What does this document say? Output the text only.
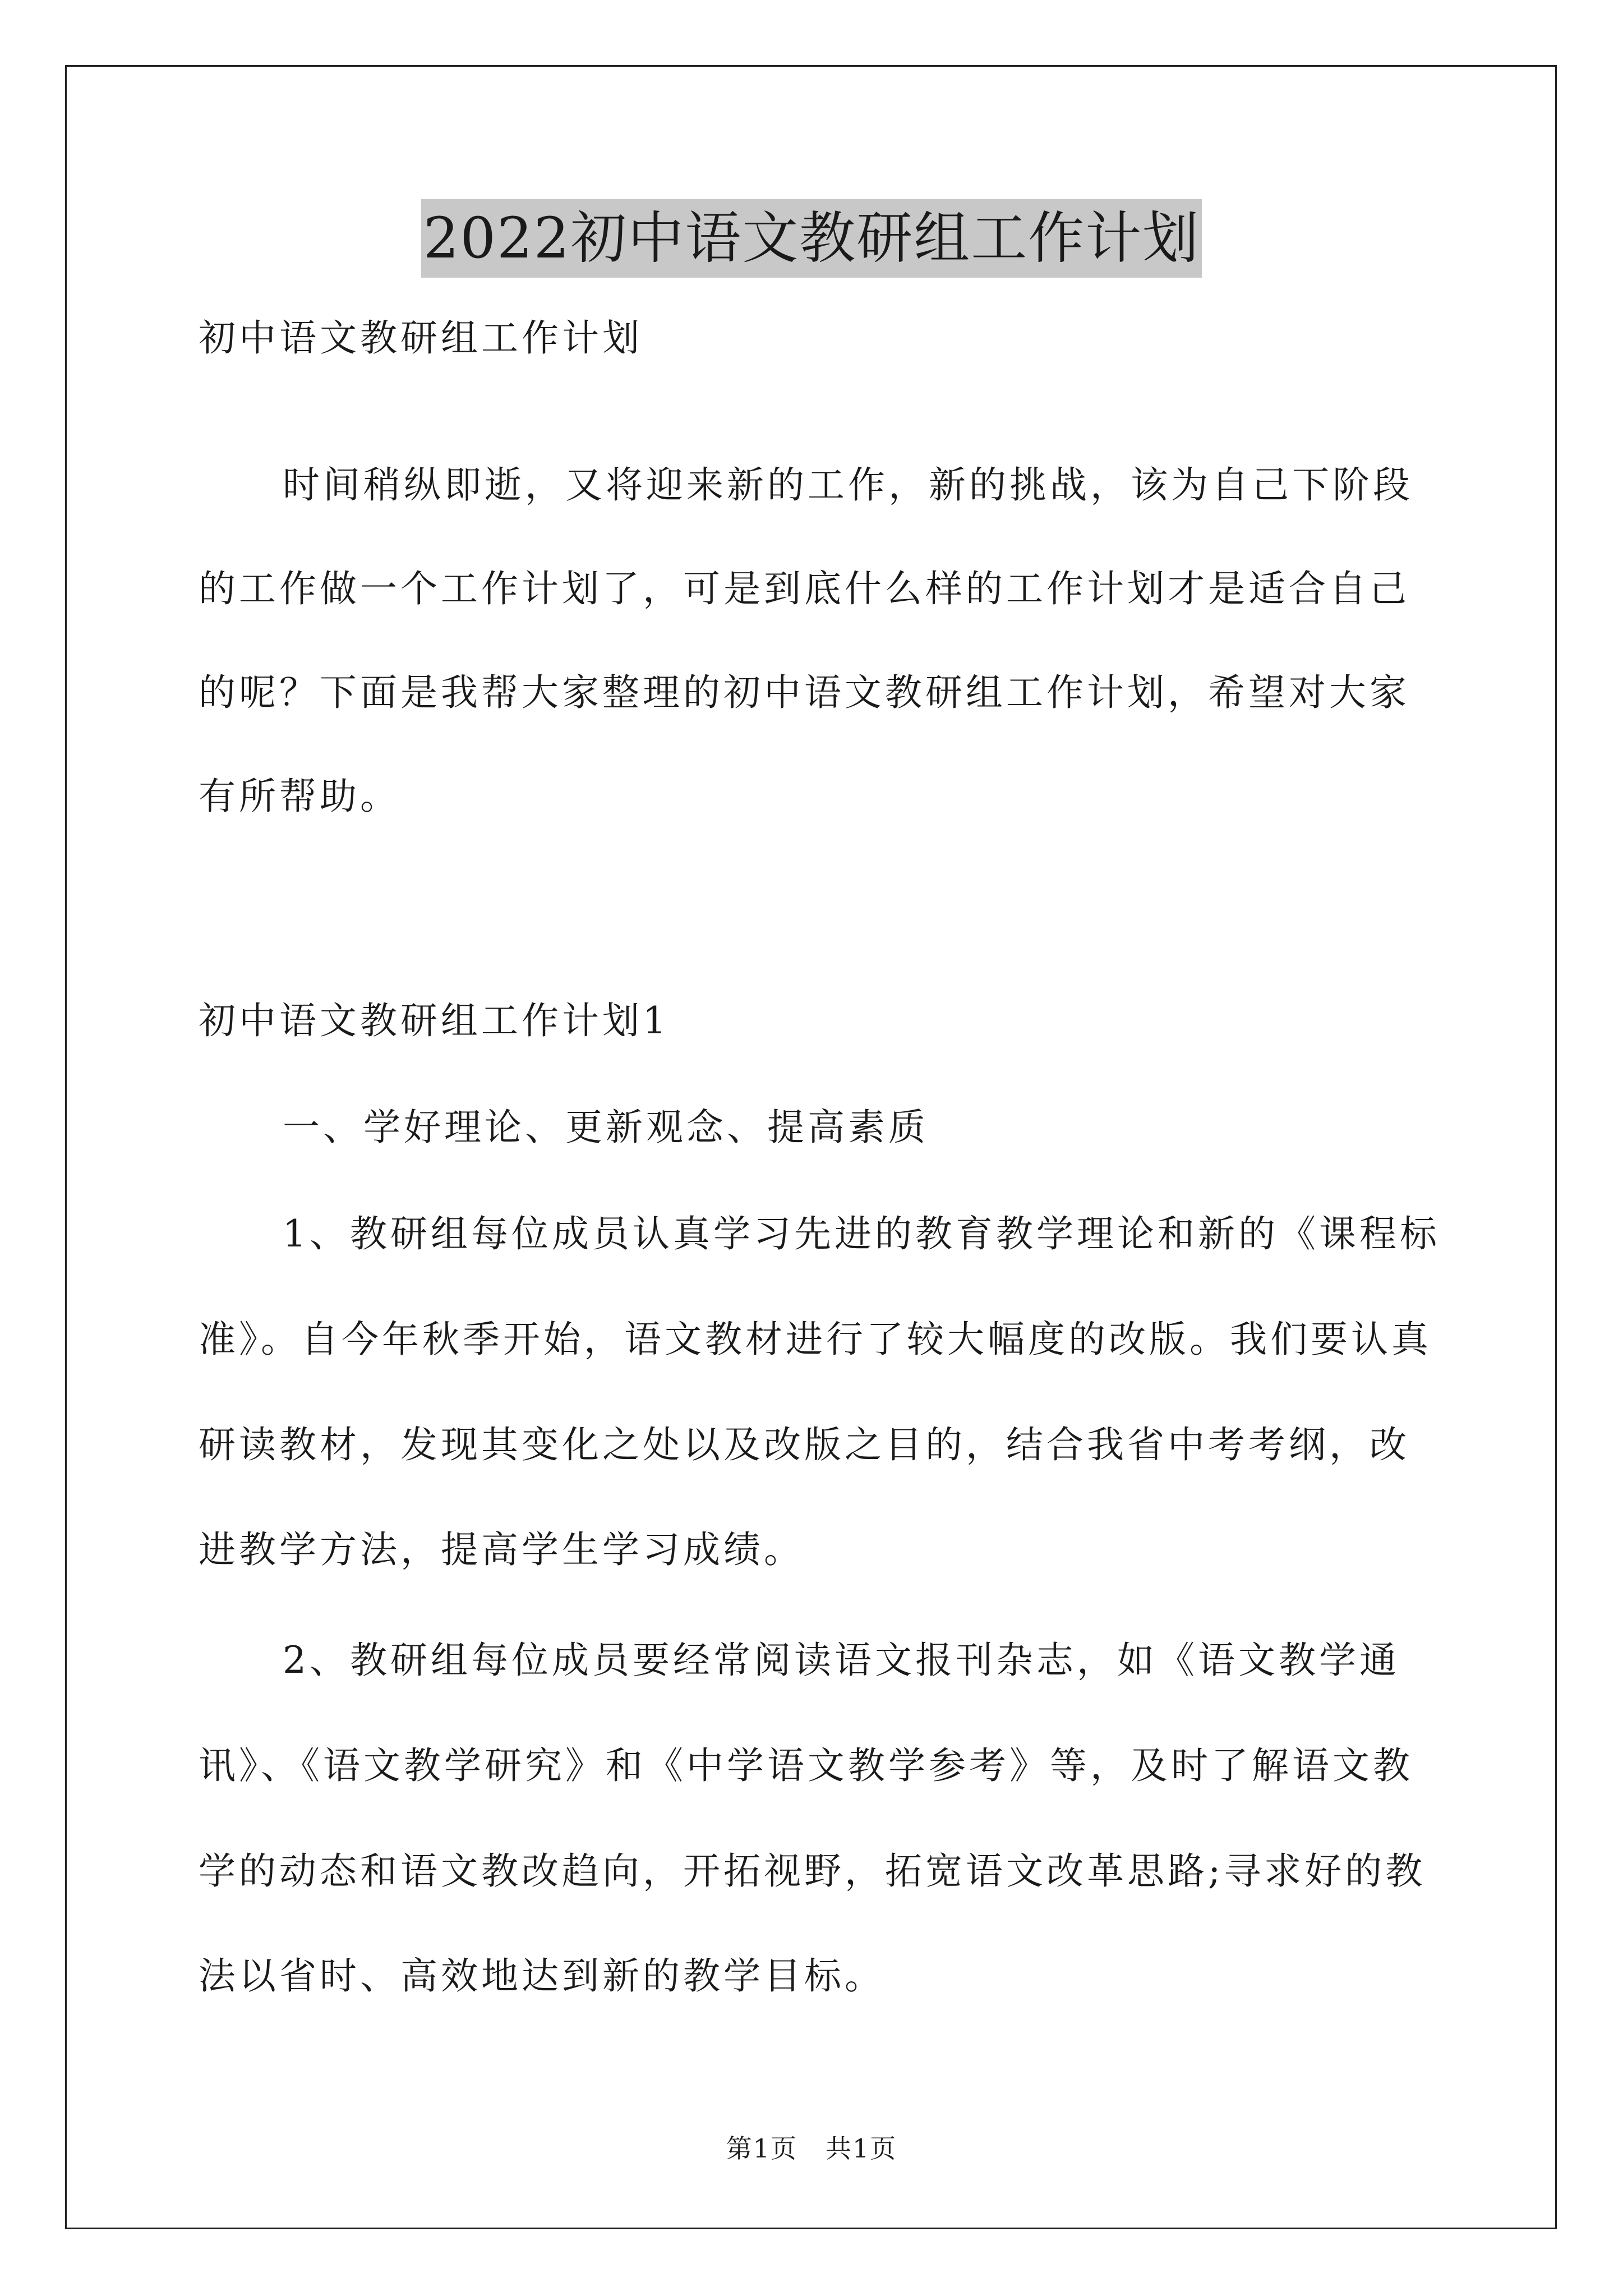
2022初中语文教研组工作计划
初中语文教研组工作计划
时间稍纵即逝，又将迎来新的工作，新的挑战，该为自己下阶段
的工作做一个工作计划了，可是到底什么样的工作计划才是适合自己
的呢？下面是我帮大家整理的初中语文教研组工作计划，希望对大家
有所帮助。
初中语文教研组工作计划1
一、学好理论、更新观念、提高素质
1、教研组每位成员认真学习先进的教育教学理论和新的《课程标
准》。自今年秋季开始，语文教材进行了较大幅度的改版。我们要认真
研读教材，发现其变化之处以及改版之目的，结合我省中考考纲，改
进教学方法，提高学生学习成绩。
2、教研组每位成员要经常阅读语文报刊杂志，如《语文教学通
讯》、《语文教学研究》和《中学语文教学参考》等，及时了解语文教
学的动态和语文教改趋向，开拓视野，拓宽语文改革思路;寻求好的教
法以省时、高效地达到新的教学目标。
第1页 共1页
